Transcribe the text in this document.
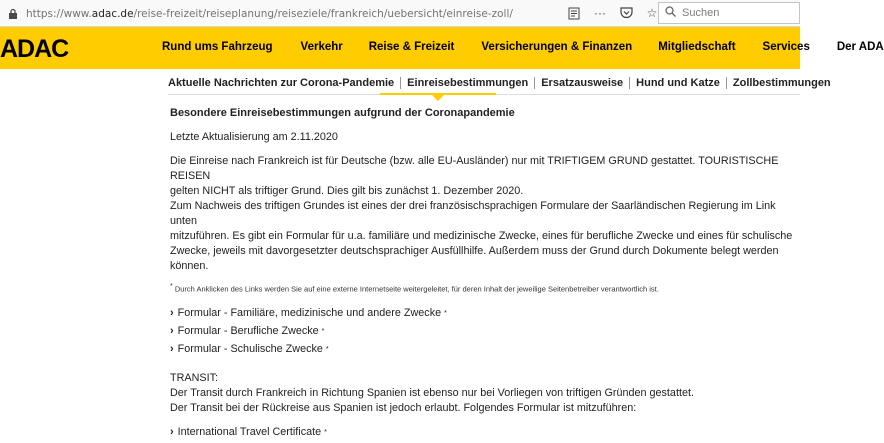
https://www.adac.de/reise-freizeit/reiseplanung/reiseziele/frankreich/uebersicht/einreise-zoll/	···	☆
Suchen
ADAC	Rund ums Fahrzeug Verkehr Reise & Freizeit Versicherungen & Finanzen Mitgliedschaft Services Der ADA
Aktuelle Nachrichten zur Corona-Pandemie	Einreisebestimmungen	Ersatzausweise	Hund und Katze	Zollbestimmungen
Besondere Einreisebestimmungen aufgrund der Coronapandemie
Letzte Aktualisierung am 2.11.2020
Die Einreise nach Frankreich ist für Deutsche (bzw. alle EU-Ausländer) nur mit TRIFTIGEM GRUND gestattet. TOURISTISCHE REISEN
gelten NICHT als triftiger Grund. Dies gilt bis zunächst 1. Dezember 2020.
Zum Nachweis des triftigen Grundes ist eines der drei französischsprachigen Formulare der Saarländischen Regierung im Link unten
mitzuführen. Es gibt ein Formular für u.a. familiäre und medizinische Zwecke, eines für berufliche Zwecke und eines für schulische
Zwecke, jeweils mit davorgesetzter deutschsprachiger Ausfüllhilfe. Außerdem muss der Grund durch Dokumente belegt werden können.
* Durch Anklicken des Links werden Sie auf eine externe Internetseite weitergeleitet, für deren Inhalt der jeweilige Seitenbetreiber verantwortlich ist.
› Formular - Familiäre, medizinische und andere Zwecke
*
› Formular - Berufliche Zwecke
*
› Formular - Schulische Zwecke
*
TRANSIT:
Der Transit durch Frankreich in Richtung Spanien ist ebenso nur bei Vorliegen von triftigen Gründen gestattet.
Der Transit bei der Rückreise aus Spanien ist jedoch erlaubt. Folgendes Formular ist mitzuführen:
› International Travel Certificate
*
